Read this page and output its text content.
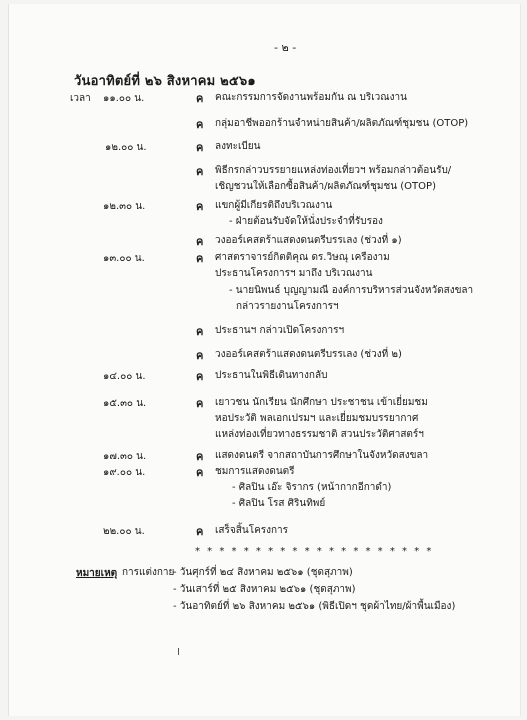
- ๒ -
วันอาทิตย์ที่ ๒๖ สิงหาคม ๒๕๖๑
เวลา ๑๑.๐๐ น.	ค คณะกรรมการจัดงานพร้อมกัน ณ บริเวณงาน
ค กลุ่มอาชีพออกร้านจำหน่ายสินค้า/ผลิตภัณฑ์ชุมชน (OTOP)
๑๒.๐๐ น.	ค ลงทะเบียน
ค พิธีกรกล่าวบรรยายแหล่งท่องเที่ยวฯ พร้อมกล่าวต้อนรับ/
เชิญชวนให้เลือกซื้อสินค้า/ผลิตภัณฑ์ชุมชน (OTOP)
๑๒.๓๐ น.	ค แขกผู้มีเกียรติถึงบริเวณงาน
- ฝ่ายต้อนรับจัดให้นั่งประจำที่รับรอง
ค วงออร์เคสตร้าแสดงดนตรีบรรเลง (ช่วงที่ ๑)
๑๓.๐๐ น.	ค ศาสตราจารย์กิตติคุณ ดร.วิษณุ เครืองาม
ประธานโครงการฯ มาถึง บริเวณงาน
- นายนิพนธ์ บุญญามณี องค์การบริหารส่วนจังหวัดสงขลา
กล่าวรายงานโครงการฯ
ค ประธานฯ กล่าวเปิดโครงการฯ
ค วงออร์เคสตร้าแสดงดนตรีบรรเลง (ช่วงที่ ๒)
๑๔.๐๐ น.	ค ประธานในพิธีเดินทางกลับ
๑๕.๓๐ น.	ค เยาวชน นักเรียน นักศึกษา ประชาชน เข้าเยี่ยมชม
หอประวัติ พลเอกเปรมฯ และเยี่ยมชมบรรยากาศ
แหล่งท่องเที่ยวทางธรรมชาติ สวนประวัติศาสตร์ฯ
๑๗.๓๐ น.	ค แสดงดนตรี จากสถาบันการศึกษาในจังหวัดสงขลา
๑๙.๐๐ น.	ค ชมการแสดงดนตรี
- ศิลปิน เอ๊ะ จิรากร (หน้ากากอีกาดำ)
- ศิลปิน โรส ศิรินทิพย์
๒๒.๐๐ น.	ค เสร็จสิ้นโครงการ
* * * * * * * * * * * * * * * * * * * *
หมายเหตุ การแต่งกาย
- วันศุกร์ที่ ๒๔ สิงหาคม ๒๕๖๑ (ชุดสุภาพ)
- วันเสาร์ที่ ๒๕ สิงหาคม ๒๕๖๑ (ชุดสุภาพ)
- วันอาทิตย์ที่ ๒๖ สิงหาคม ๒๕๖๑ (พิธีเปิดฯ ชุดผ้าไทย/ผ้าพื้นเมือง)
